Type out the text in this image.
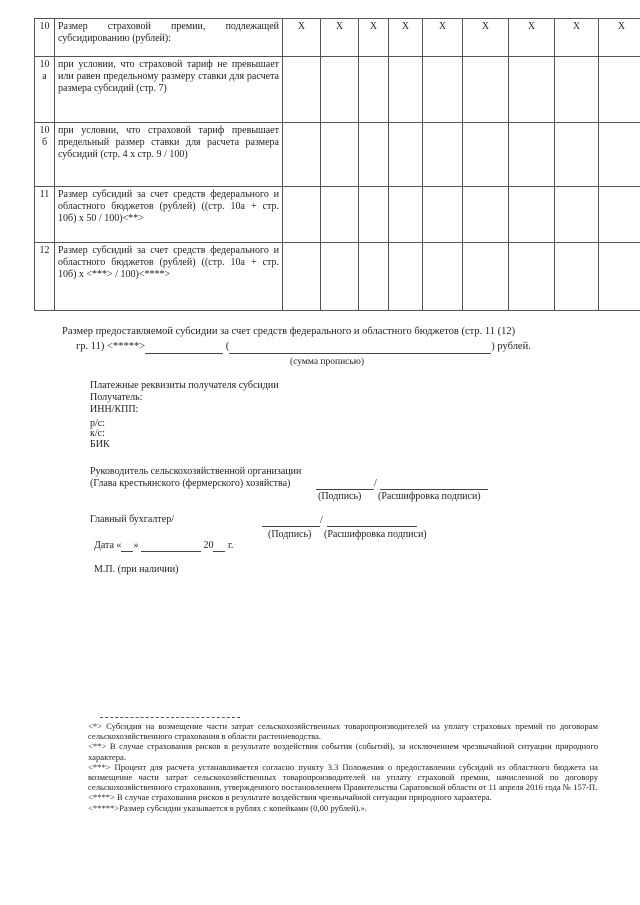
10	Размер страховой премии, подлежащей субсидированию (рублей):	X	X	X	X	X	X	X	X	X
10 а	при условии, что страховой тариф не превышает или равен предельному размеру ставки для расчета размера субсидий (стр. 7)									
10 б	при условии, что страховой тариф превышает предельный размер ставки для расчета размера субсидий (стр. 4 х стр. 9 / 100)									
11	Размер субсидий за счет средств федерального и областного бюджетов (рублей) ((стр. 10а + стр. 10б) х 50 / 100)<**>									
12	Размер субсидий за счет средств федерального и областного бюджетов (рублей) ((стр. 10а + стр. 10б) х <***> / 100)<****>									
Размер предоставляемой субсидии за счет средств федерального и областного бюджетов (стр. 11 (12)
гр. 11) <*****>	(	) рублей.
(сумма прописью)
Платежные реквизиты получателя субсидии
Получатель:
ИНН/КПП:
р/с:
к/с:
БИК
Руководитель сельскохозяйственной организации
(Глава крестьянского (фермерского) хозяйства)	/
(Подпись) (Расшифровка подписи)
Главный бухгалтер/	/
(Подпись) (Расшифровка подписи)
Дата « »	20 г.
М.П. (при наличии)

<*> Субсидия на возмещение части затрат сельскохозяйственных товаропроизводителей на уплату страховых премий по договорам сельскохозяйственного страхования в области растениеводства.

<**> В случае страхования рисков в результате воздействия события (событий), за исключением чрезвычайной ситуации природного характера.

<***> Процент для расчета устанавливается согласно пункту 3.3 Положения о предоставлении субсидий из областного бюджета на возмещение части затрат сельскохозяйственных товаропроизводителей на уплату страховой премии, начисленной по договору сельскохозяйственного страхования, утвержденного постановлением Правительства Саратовской области от 11 апреля 2016 года № 157-П.

<****> В случае страхования рисков в результате воздействия чрезвычайной ситуации природного характера.

<*****>Размер субсидии указывается в рублях с копейками (0,00 рублей).».
